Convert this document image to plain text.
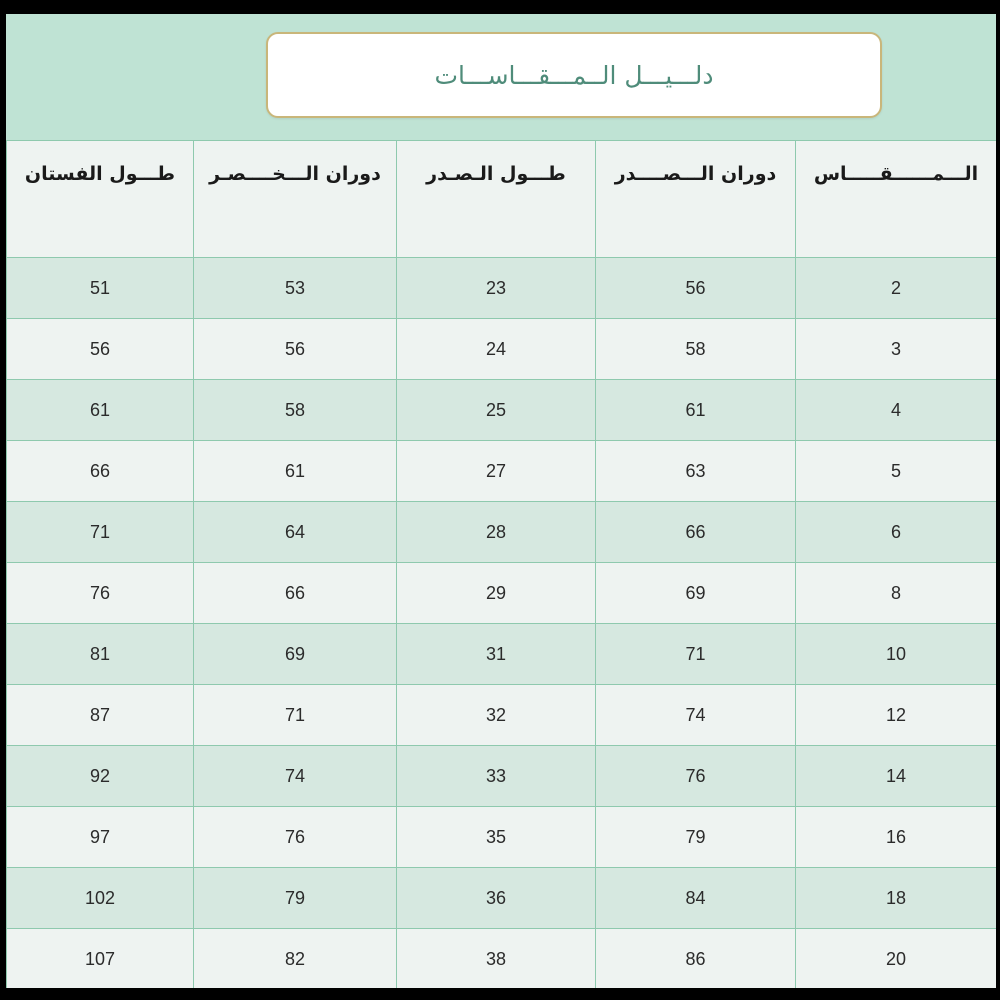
دلـــيـــل الــمـــقـــاســـات
الـــمــــــقـــــاس	دوران الـــصــــدر	طـــول الـصـدر	دوران الـــخــــصـر	طـــول الفستان
2	56	23	53	51
3	58	24	56	56
4	61	25	58	61
5	63	27	61	66
6	66	28	64	71
8	69	29	66	76
10	71	31	69	81
12	74	32	71	87
14	76	33	74	92
16	79	35	76	97
18	84	36	79	102
20	86	38	82	107
